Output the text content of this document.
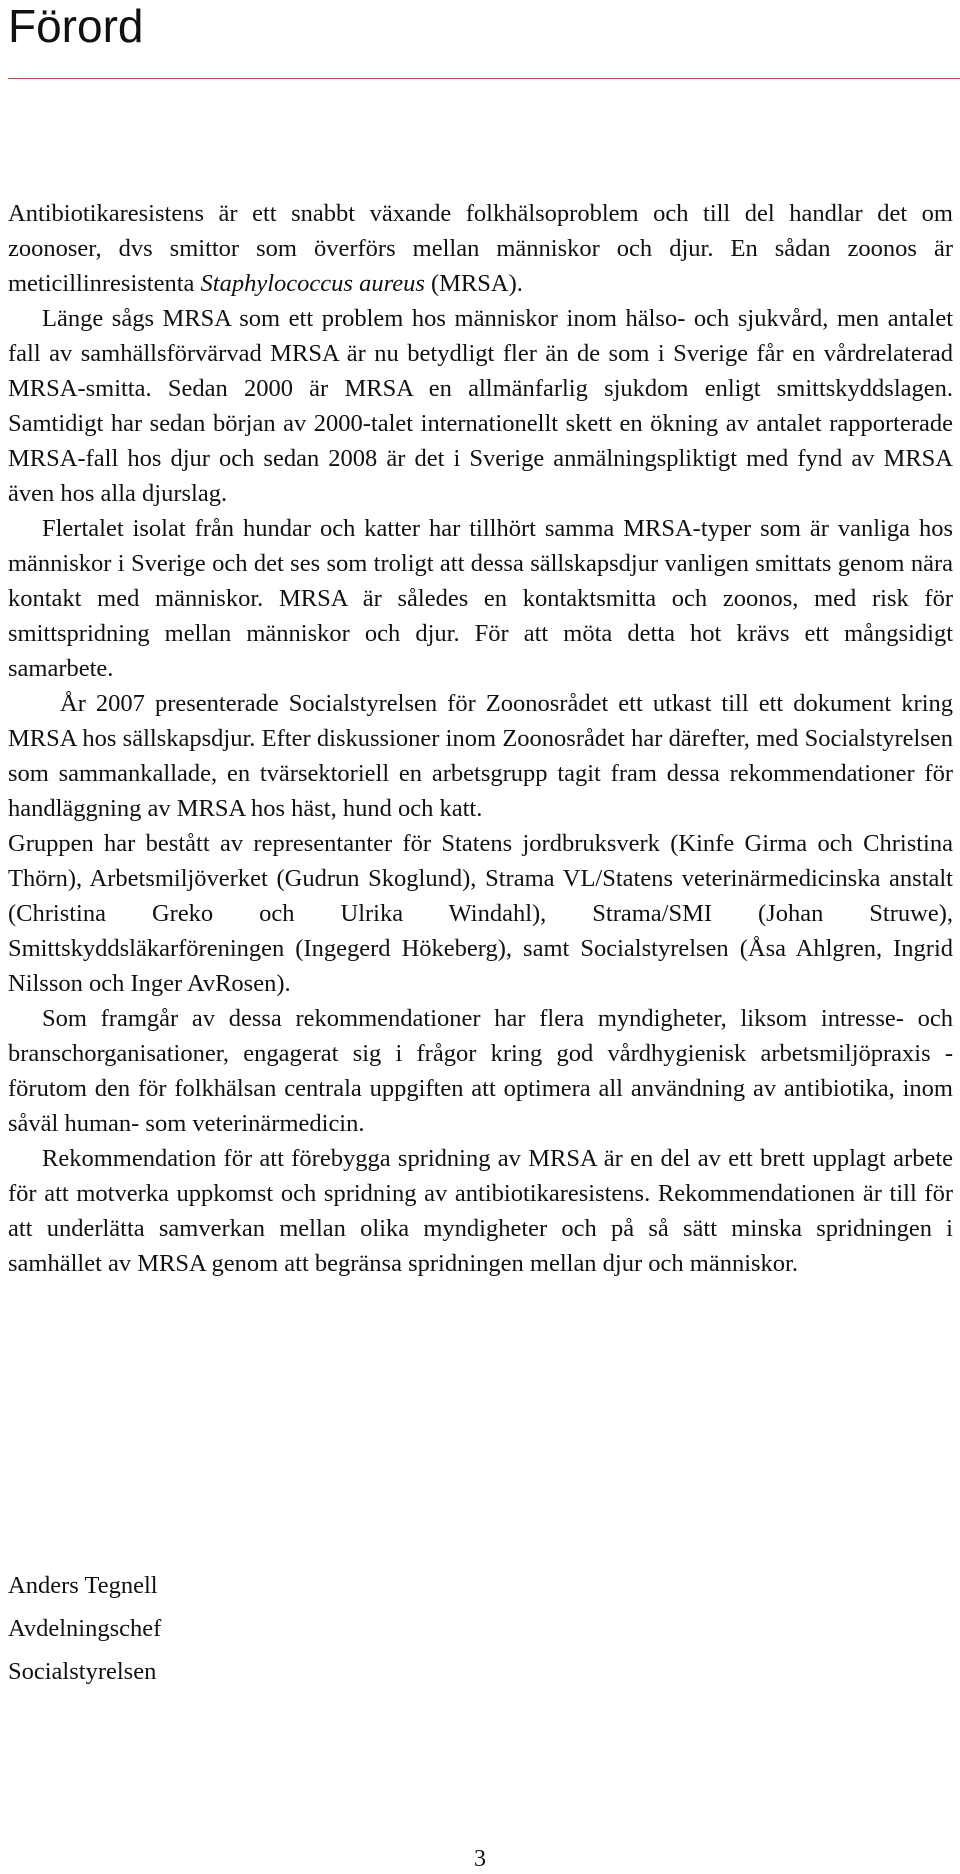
Förord

Antibiotikaresistens är ett snabbt växande folkhälsoproblem och till del handlar det om zoonoser, dvs smittor som överförs mellan människor och djur. En sådan zoonos är meticillinresistenta Staphylococcus aureus (MRSA).

Länge sågs MRSA som ett problem hos människor inom hälso- och sjukvård, men antalet fall av samhällsförvärvad MRSA är nu betydligt fler än de som i Sverige får en vårdrelaterad MRSA-smitta. Sedan 2000 är MRSA en allmänfarlig sjukdom enligt smittskyddslagen. Samtidigt har sedan början av 2000-talet internationellt skett en ökning av antalet rapporterade MRSA-fall hos djur och sedan 2008 är det i Sverige anmälningspliktigt med fynd av MRSA även hos alla djurslag.

Flertalet isolat från hundar och katter har tillhört samma MRSA-typer som är vanliga hos människor i Sverige och det ses som troligt att dessa sällskapsdjur vanligen smittats genom nära kontakt med människor. MRSA är således en kontaktsmitta och zoonos, med risk för smittspridning mellan människor och djur. För att möta detta hot krävs ett mångsidigt samarbete.

År 2007 presenterade Socialstyrelsen för Zoonosrådet ett utkast till ett dokument kring MRSA hos sällskapsdjur. Efter diskussioner inom Zoonosrådet har därefter, med Socialstyrelsen som sammankallade, en tvärsektoriell en arbetsgrupp tagit fram dessa rekommendationer för handläggning av MRSA hos häst, hund och katt.

Gruppen har bestått av representanter för Statens jordbruksverk (Kinfe Girma och Christina Thörn), Arbetsmiljöverket (Gudrun Skoglund), Strama VL/Statens veterinärmedicinska anstalt (Christina Greko och Ulrika Windahl), Strama/SMI (Johan Struwe), Smittskyddsläkarföreningen (Ingegerd Hökeberg), samt Socialstyrelsen (Åsa Ahlgren, Ingrid Nilsson och Inger AvRosen).

Som framgår av dessa rekommendationer har flera myndigheter, liksom intresse- och branschorganisationer, engagerat sig i frågor kring god vårdhygienisk arbetsmiljöpraxis - förutom den för folkhälsan centrala uppgiften att optimera all användning av antibiotika, inom såväl human- som veterinärmedicin.

Rekommendation för att förebygga spridning av MRSA är en del av ett brett upplagt arbete för att motverka uppkomst och spridning av antibiotikaresistens. Rekommendationen är till för att underlätta samverkan mellan olika myndigheter och på så sätt minska spridningen i samhället av MRSA genom att begränsa spridningen mellan djur och människor.

Anders Tegnell
Avdelningschef
Socialstyrelsen
3
